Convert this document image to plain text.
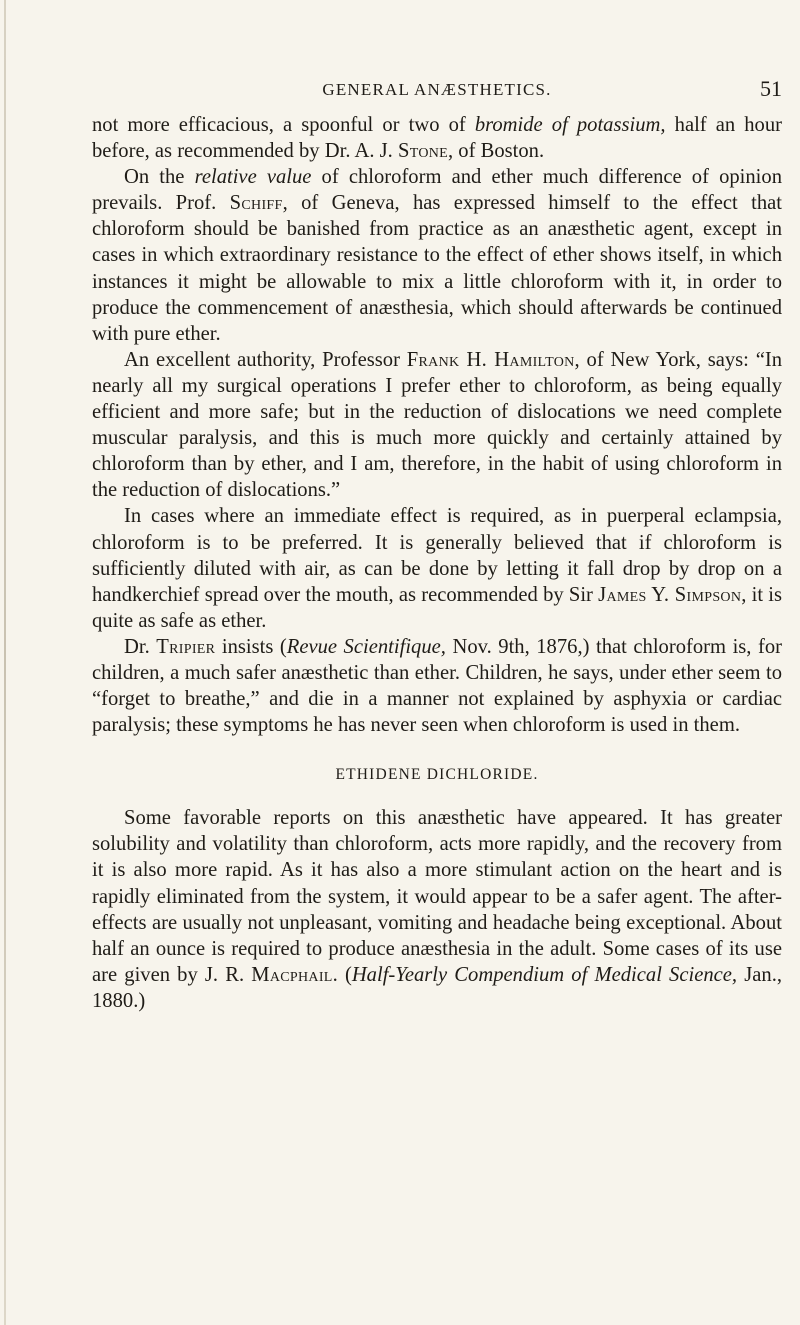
GENERAL ANÆSTHETICS.	51

not more efficacious, a spoonful or two of bromide of potassium, half an hour before, as recommended by Dr. A. J. Stone, of Boston.

On the relative value of chloroform and ether much difference of opinion prevails. Prof. Schiff, of Geneva, has expressed himself to the effect that chloroform should be banished from practice as an anæsthetic agent, except in cases in which extraordinary resistance to the effect of ether shows itself, in which instances it might be allowable to mix a little chloroform with it, in order to produce the commencement of anæsthesia, which should afterwards be continued with pure ether.

An excellent authority, Professor Frank H. Hamilton, of New York, says: “In nearly all my surgical operations I prefer ether to chloroform, as being equally efficient and more safe; but in the reduction of dislocations we need complete muscular paralysis, and this is much more quickly and certainly attained by chloroform than by ether, and I am, therefore, in the habit of using chloroform in the reduction of dislocations.”

In cases where an immediate effect is required, as in puerperal eclampsia, chloroform is to be preferred. It is generally believed that if chloroform is sufficiently diluted with air, as can be done by letting it fall drop by drop on a handkerchief spread over the mouth, as recommended by Sir James Y. Simpson, it is quite as safe as ether.

Dr. Tripier insists (Revue Scientifique, Nov. 9th, 1876,) that chloroform is, for children, a much safer anæsthetic than ether. Children, he says, under ether seem to “forget to breathe,” and die in a manner not explained by asphyxia or cardiac paralysis; these symptoms he has never seen when chloroform is used in them.

ETHIDENE DICHLORIDE.

Some favorable reports on this anæsthetic have appeared. It has greater solubility and volatility than chloroform, acts more rapidly, and the recovery from it is also more rapid. As it has also a more stimulant action on the heart and is rapidly eliminated from the system, it would appear to be a safer agent. The after-effects are usually not unpleasant, vomiting and headache being exceptional. About half an ounce is required to produce anæsthesia in the adult. Some cases of its use are given by J. R. Macphail. (Half-Yearly Compendium of Medical Science, Jan., 1880.)
